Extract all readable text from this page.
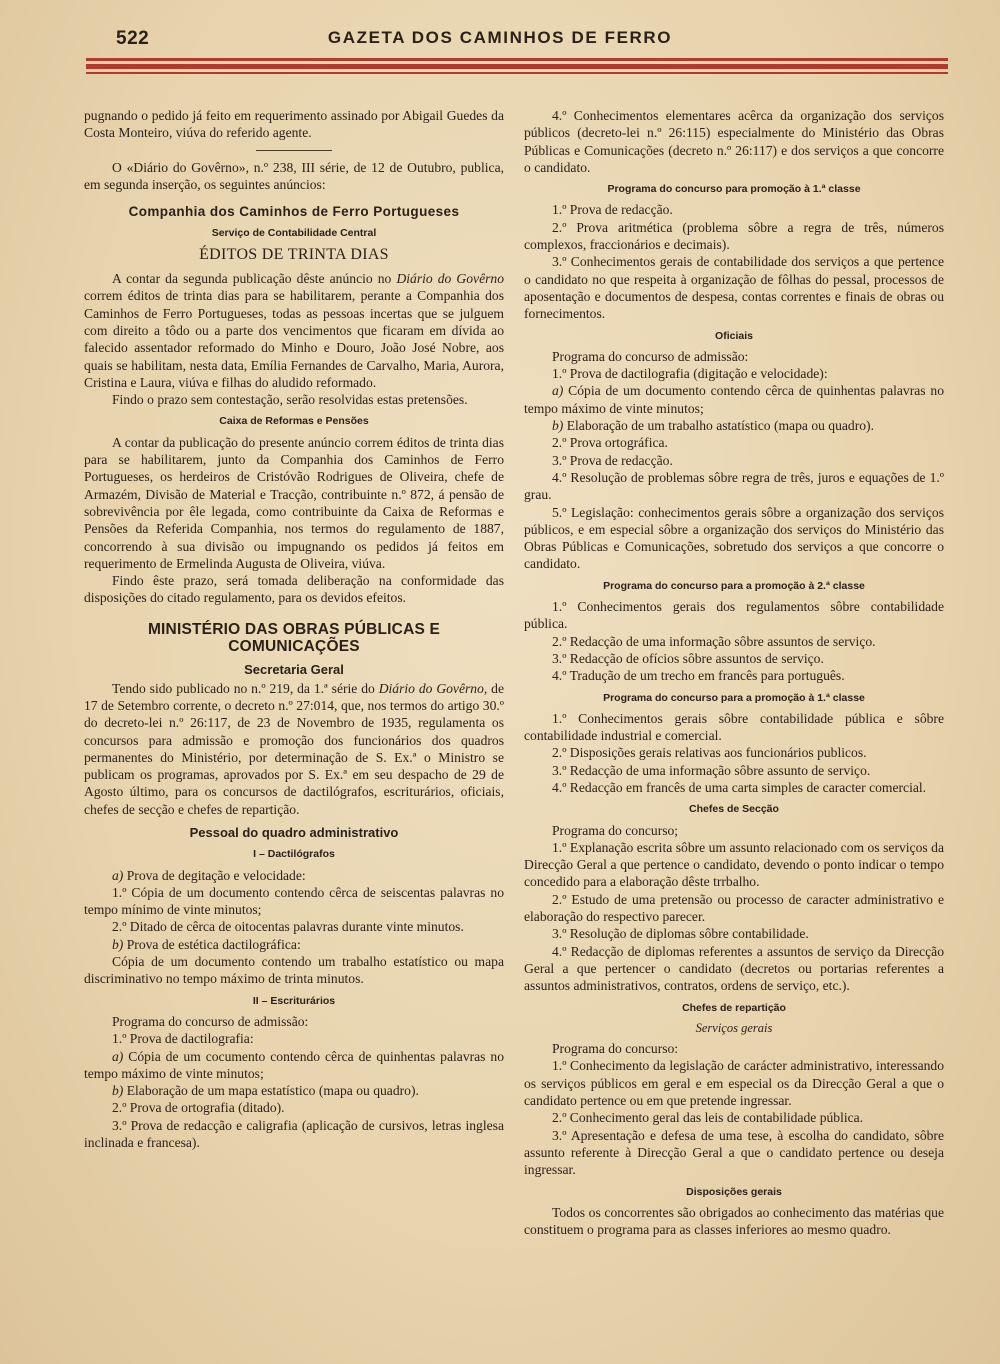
522	GAZETA DOS CAMINHOS DE FERRO

pugnando o pedido já feito em requerimento assinado por Abigail Guedes da Costa Monteiro, viúva do referido agente.

O «Diário do Govêrno», n.º 238, III série, de 12 de Outubro, publica, em segunda inserção, os seguintes anúncios:

Companhia dos Caminhos de Ferro Portugueses
Serviço de Contabilidade Central
ÉDITOS DE TRINTA DIAS

A contar da segunda publicação dêste anúncio no Diário do Govêrno correm éditos de trinta dias para se habilitarem, perante a Companhia dos Caminhos de Ferro Portugueses, todas as pessoas incertas que se julguem com direito a tôdo ou a parte dos vencimentos que ficaram em dívida ao falecido assentador reformado do Minho e Douro, João José Nobre, aos quais se habilitam, nesta data, Emília Fernandes de Carvalho, Maria, Aurora, Cristina e Laura, viúva e filhas do aludido reformado.

Findo o prazo sem contestação, serão resolvidas estas pretensões.

Caixa de Reformas e Pensões

A contar da publicação do presente anúncio correm éditos de trinta dias para se habilitarem, junto da Companhia dos Caminhos de Ferro Portugueses, os herdeiros de Cristóvão Rodrigues de Oliveira, chefe de Armazém, Divisão de Material e Tracção, contribuinte n.º 872, á pensão de sobrevivência por êle legada, como contribuinte da Caixa de Reformas e Pensões da Referida Companhia, nos termos do regulamento de 1887, concorrendo à sua divisão ou impugnando os pedidos já feitos em requerimento de Ermelinda Augusta de Oliveira, viúva.

Findo êste prazo, será tomada deliberação na conformidade das disposições do citado regulamento, para os devidos efeitos.

MINISTÉRIO DAS OBRAS PÚBLICAS E COMUNICAÇÕES
Secretaria Geral

Tendo sido publicado no n.º 219, da 1.ª série do Diário do Govêrno, de 17 de Setembro corrente, o decreto n.º 27:014, que, nos termos do artigo 30.º do decreto-lei n.º 26:117, de 23 de Novembro de 1935, regulamenta os concursos para admissão e promoção dos funcionários dos quadros permanentes do Ministério, por determinação de S. Ex.ª o Ministro se publicam os programas, aprovados por S. Ex.ª em seu despacho de 29 de Agosto último, para os concursos de dactilógrafos, escriturários, oficiais, chefes de secção e chefes de repartição.

Pessoal do quadro administrativo
I – Dactilógrafos

a) Prova de degitação e velocidade:

1.º Cópia de um documento contendo cêrca de seiscentas palavras no tempo mínimo de vinte minutos;

2.º Ditado de cêrca de oitocentas palavras durante vinte minutos.

b) Prova de estética dactilográfica:

Cópia de um documento contendo um trabalho estatístico ou mapa discriminativo no tempo máximo de trinta minutos.

II – Escriturários

Programa do concurso de admissão:

1.º Prova de dactilografia:

a) Cópia de um cocumento contendo cêrca de quinhentas palavras no tempo máximo de vinte minutos;

b) Elaboração de um mapa estatístico (mapa ou quadro).

2.º Prova de ortografia (ditado).

3.º Prova de redacção e caligrafia (aplicação de cursivos, letras inglesa inclinada e francesa).

4.º Conhecimentos elementares acêrca da organização dos serviços públicos (decreto-lei n.º 26:115) especialmente do Ministério das Obras Públicas e Comunicações (decreto n.º 26:117) e dos serviços a que concorre o candidato.

Programa do concurso para promoção à 1.ª classe

1.º Prova de redacção.

2.º Prova aritmética (problema sôbre a regra de três, números complexos, fraccionários e decimais).

3.º Conhecimentos gerais de contabilidade dos serviços a que pertence o candidato no que respeita à organização de fôlhas do pessal, processos de aposentação e documentos de despesa, contas correntes e finais de obras ou fornecimentos.

Oficiais

Programa do concurso de admissão:

1.º Prova de dactilografia (digitação e velocidade):

a) Cópia de um documento contendo cêrca de quinhentas palavras no tempo máximo de vinte minutos;

b) Elaboração de um trabalho astatístico (mapa ou quadro).

2.º Prova ortográfica.

3.º Prova de redacção.

4.º Resolução de problemas sôbre regra de três, juros e equações de 1.º grau.

5.º Legislação: conhecimentos gerais sôbre a organização dos serviços públicos, e em especial sôbre a organização dos serviços do Ministério das Obras Públicas e Comunicações, sobretudo dos serviços a que concorre o candidato.

Programa do concurso para a promoção à 2.ª classe

1.º Conhecimentos gerais dos regulamentos sôbre contabilidade pública.

2.º Redacção de uma informação sôbre assuntos de serviço.

3.º Redacção de ofícios sôbre assuntos de serviço.

4.º Tradução de um trecho em francês para português.

Programa do concurso para a promoção à 1.ª classe

1.º Conhecimentos gerais sôbre contabilidade pública e sôbre contabilidade industrial e comercial.

2.º Disposições gerais relativas aos funcionários publicos.

3.º Redacção de uma informação sôbre assunto de serviço.

4.º Redacção em francês de uma carta simples de caracter comercial.

Chefes de Secção

Programa do concurso;

1.º Explanação escrita sôbre um assunto relacionado com os serviços da Direcção Geral a que pertence o candidato, devendo o ponto indicar o tempo concedido para a elaboração dêste trrbalho.

2.º Estudo de uma pretensão ou processo de caracter administrativo e elaboração do respectivo parecer.

3.º Resolução de diplomas sôbre contabilidade.

4.º Redacção de diplomas referentes a assuntos de serviço da Direcção Geral a que pertencer o candidato (decretos ou portarias referentes a assuntos administrativos, contratos, ordens de serviço, etc.).

Chefes de repartição
Serviços gerais

Programa do concurso:

1.º Conhecimento da legislação de carácter administrativo, interessando os serviços públicos em geral e em especial os da Direcção Geral a que o candidato pertence ou em que pretende ingressar.

2.º Conhecimento geral das leis de contabilidade pública.

3.º Apresentação e defesa de uma tese, à escolha do candidato, sôbre assunto referente à Direcção Geral a que o candidato pertence ou deseja ingressar.

Disposições gerais

Todos os concorrentes são obrigados ao conhecimento das matérias que constituem o programa para as classes inferiores ao mesmo quadro.
